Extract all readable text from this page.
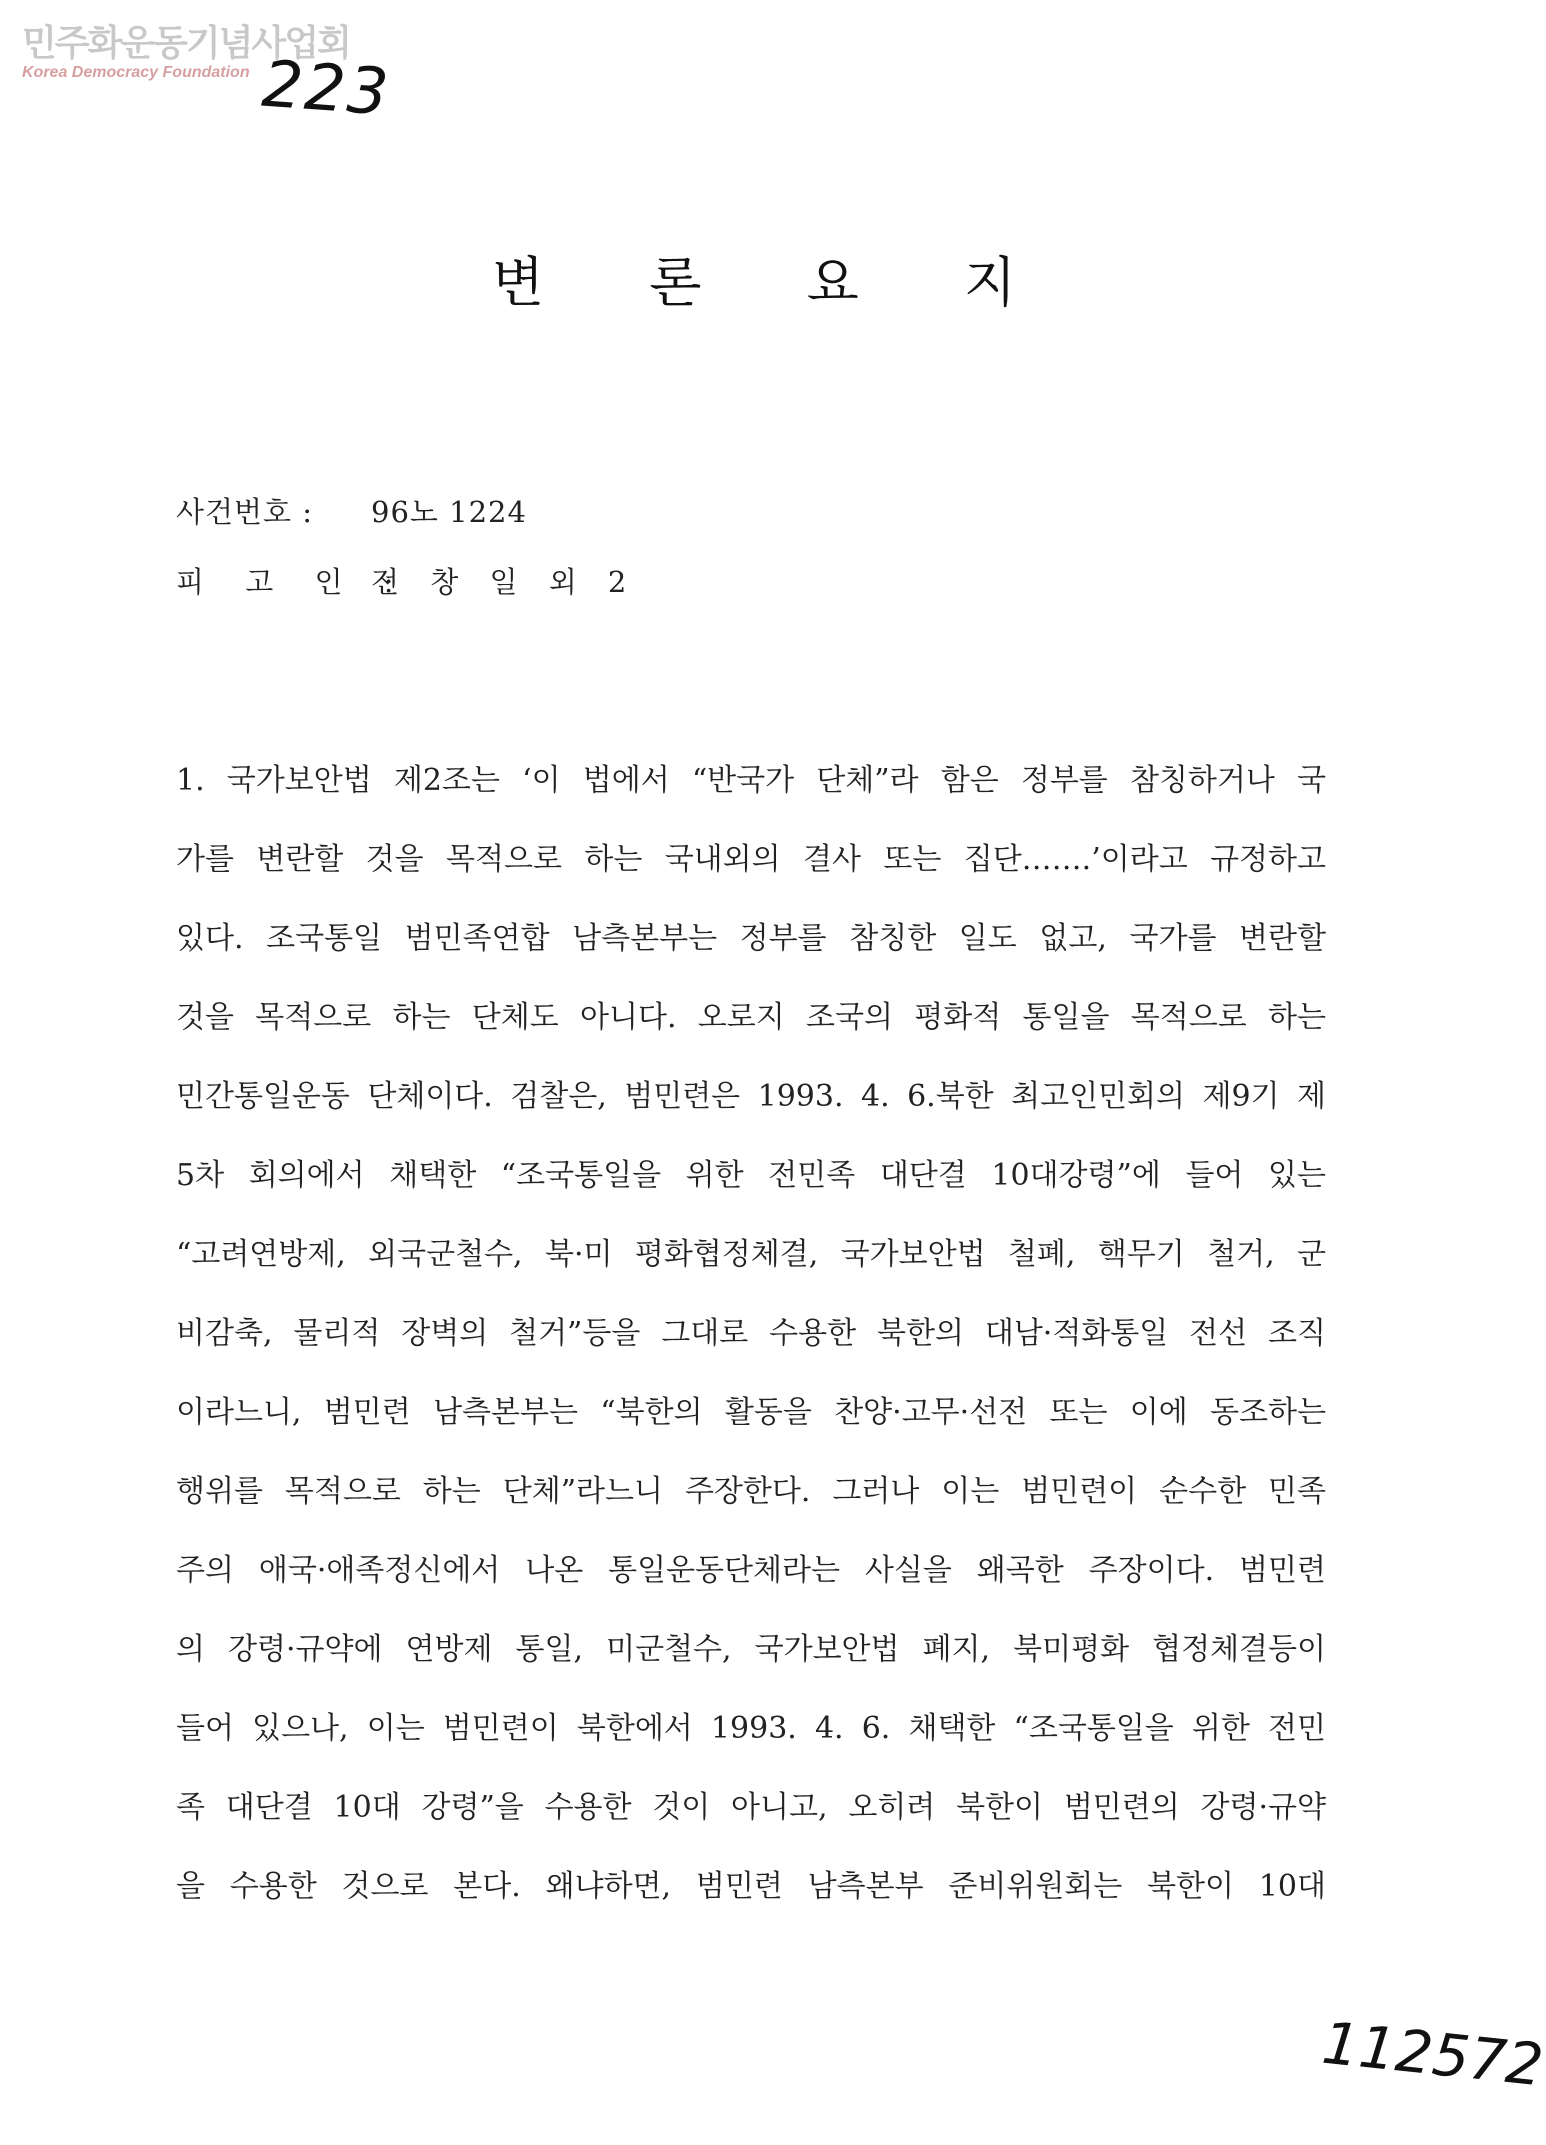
민주화운동기념사업회
Korea Democracy Foundation 223
변 론 요 지
사건번호 : 96노 1224
피 고 인 :전 창 일 외 2
1. 국가보안법 제2조는 ‘이 법에서 “반국가 단체”라 함은 정부를 참칭하거나 국
가를 변란할 것을 목적으로 하는 국내외의 결사 또는 집단…….’이라고 규정하고
있다. 조국통일 범민족연합 남측본부는 정부를 참칭한 일도 없고, 국가를 변란할
것을 목적으로 하는 단체도 아니다. 오로지 조국의 평화적 통일을 목적으로 하는
민간통일운동 단체이다. 검찰은, 범민련은 1993. 4. 6.북한 최고인민회의 제9기 제
5차 회의에서 채택한 “조국통일을 위한 전민족 대단결 10대강령”에 들어 있는
“고려연방제, 외국군철수, 북·미 평화협정체결, 국가보안법 철폐, 핵무기 철거, 군
비감축, 물리적 장벽의 철거”등을 그대로 수용한 북한의 대남·적화통일 전선 조직
이라느니, 범민련 남측본부는 “북한의 활동을 찬양·고무·선전 또는 이에 동조하는
행위를 목적으로 하는 단체”라느니 주장한다. 그러나 이는 범민련이 순수한 민족
주의 애국·애족정신에서 나온 통일운동단체라는 사실을 왜곡한 주장이다. 범민련
의 강령·규약에 연방제 통일, 미군철수, 국가보안법 폐지, 북미평화 협정체결등이
들어 있으나, 이는 범민련이 북한에서 1993. 4. 6. 채택한 “조국통일을 위한 전민
족 대단결 10대 강령”을 수용한 것이 아니고, 오히려 북한이 범민련의 강령·규약
을 수용한 것으로 본다. 왜냐하면, 범민련 남측본부 준비위원회는 북한이 10대
112572
